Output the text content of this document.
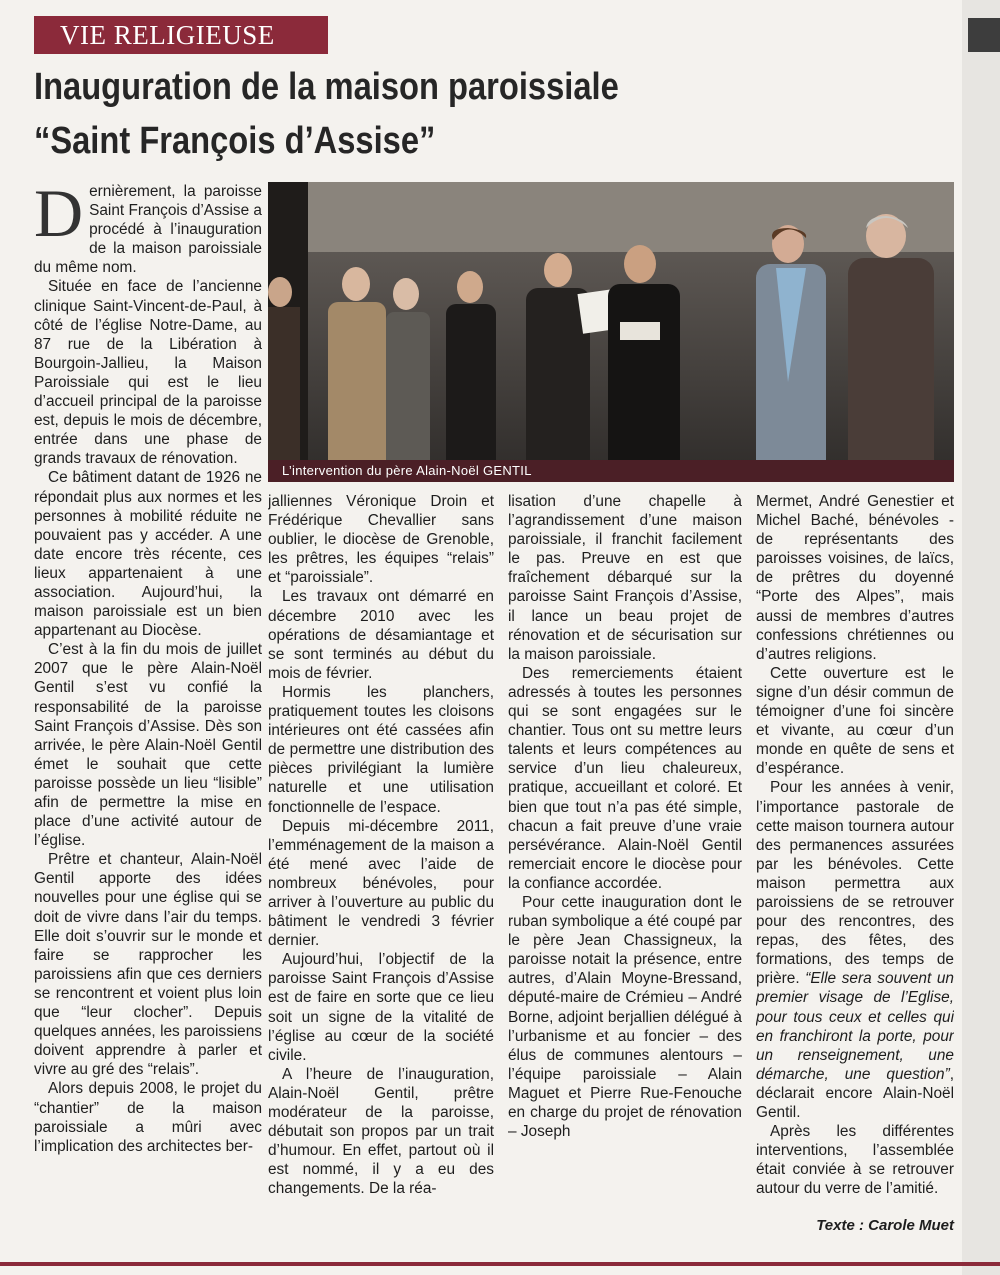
VIE RELIGIEUSE
Inauguration de la maison paroissiale
“Saint François d’Assise”

Dernièrement, la paroisse Saint François d’Assise a procédé à l’inauguration de la maison paroissiale du même nom.

Située en face de l’ancienne clinique Saint-Vincent-de-Paul, à côté de l’église Notre-Dame, au 87 rue de la Libération à Bourgoin-Jallieu, la Maison Paroissiale qui est le lieu d’accueil principal de la paroisse est, depuis le mois de décembre, entrée dans une phase de grands travaux de rénovation.

Ce bâtiment datant de 1926 ne répondait plus aux normes et les personnes à mobilité réduite ne pouvaient pas y accéder. A une date encore très récente, ces lieux appartenaient à une association. Aujourd’hui, la maison paroissiale est un bien appartenant au Diocèse.

C’est à la fin du mois de juillet 2007 que le père Alain-Noël Gentil s’est vu confié la responsabilité de la paroisse Saint François d’Assise. Dès son arrivée, le père Alain-Noël Gentil émet le souhait que cette paroisse possède un lieu “lisible” afin de permettre la mise en place d’une activité autour de l’église.

Prêtre et chanteur, Alain-Noël Gentil apporte des idées nouvelles pour une église qui se doit de vivre dans l’air du temps. Elle doit s’ouvrir sur le monde et faire se rapprocher les paroissiens afin que ces derniers se rencontrent et voient plus loin que “leur clocher”. Depuis quelques années, les paroissiens doivent apprendre à parler et vivre au gré des “relais”.

Alors depuis 2008, le projet du “chantier” de la maison paroissiale a mûri avec l’implication des architectes ber-

L’intervention du père Alain-Noël GENTIL

jalliennes Véronique Droin et Frédérique Chevallier sans oublier, le diocèse de Grenoble, les prêtres, les équipes “relais” et “paroissiale”.

Les travaux ont démarré en décembre 2010 avec les opérations de désamiantage et se sont terminés au début du mois de février.

Hormis les planchers, pratiquement toutes les cloisons intérieures ont été cassées afin de permettre une distribution des pièces privilégiant la lumière naturelle et une utilisation fonctionnelle de l’espace.

Depuis mi-décembre 2011, l’emménagement de la maison a été mené avec l’aide de nombreux bénévoles, pour arriver à l’ouverture au public du bâtiment le vendredi 3 février dernier.

Aujourd’hui, l’objectif de la paroisse Saint François d’Assise est de faire en sorte que ce lieu soit un signe de la vitalité de l’église au cœur de la société civile.

A l’heure de l’inauguration, Alain-Noël Gentil, prêtre modérateur de la paroisse, débutait son propos par un trait d’humour. En effet, partout où il est nommé, il y a eu des changements. De la réa-

lisation d’une chapelle à l’agrandissement d’une maison paroissiale, il franchit facilement le pas. Preuve en est que fraîchement débarqué sur la paroisse Saint François d’Assise, il lance un beau projet de rénovation et de sécurisation sur la maison paroissiale.

Des remerciements étaient adressés à toutes les personnes qui se sont engagées sur le chantier. Tous ont su mettre leurs talents et leurs compétences au service d’un lieu chaleureux, pratique, accueillant et coloré. Et bien que tout n’a pas été simple, chacun a fait preuve d’une vraie persévérance. Alain-Noël Gentil remerciait encore le diocèse pour la confiance accordée.

Pour cette inauguration dont le ruban symbolique a été coupé par le père Jean Chassigneux, la paroisse notait la présence, entre autres, d’Alain Moyne-Bressand, député-maire de Crémieu – André Borne, adjoint berjallien délégué à l’urbanisme et au foncier – des élus de communes alentours – l’équipe paroissiale – Alain Maguet et Pierre Rue-Fenouche en charge du projet de rénovation – Joseph

Mermet, André Genestier et Michel Baché, bénévoles - de représentants des paroisses voisines, de laïcs, de prêtres du doyenné “Porte des Alpes”, mais aussi de membres d’autres confessions chrétiennes ou d’autres religions.

Cette ouverture est le signe d’un désir commun de témoigner d’une foi sincère et vivante, au cœur d’un monde en quête de sens et d’espérance.

Pour les années à venir, l’importance pastorale de cette maison tournera autour des permanences assurées par les bénévoles. Cette maison permettra aux paroissiens de se retrouver pour des rencontres, des repas, des fêtes, des formations, des temps de prière. “Elle sera souvent un premier visage de l’Eglise, pour tous ceux et celles qui en franchiront la porte, pour un renseignement, une démarche, une question”, déclarait encore Alain-Noël Gentil.

Après les différentes interventions, l’assemblée était conviée à se retrouver autour du verre de l’amitié.

Texte : Carole Muet
